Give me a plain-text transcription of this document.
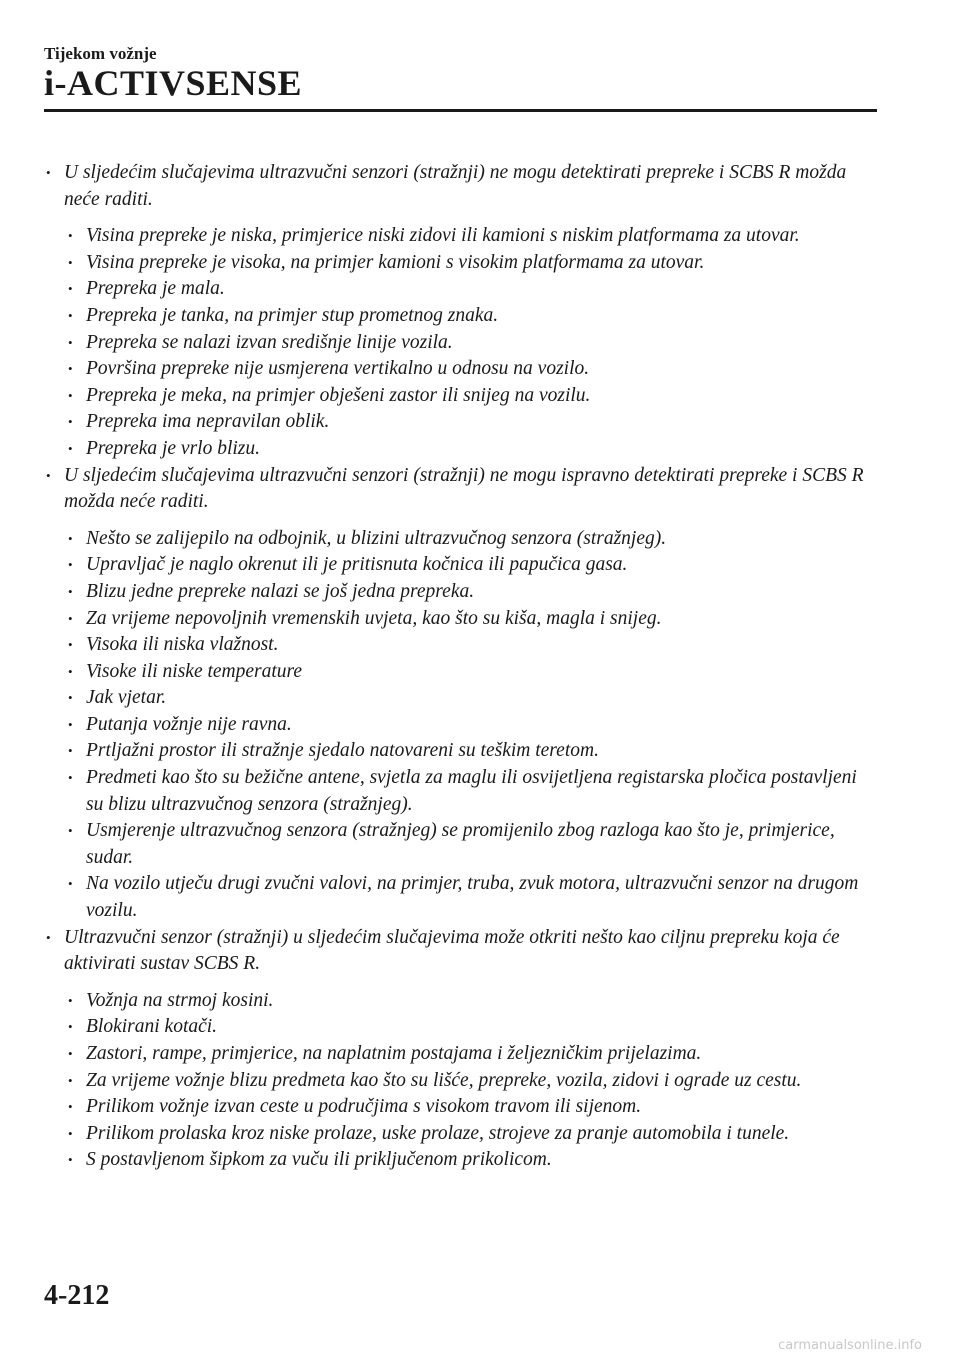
Tijekom vožnje
i-ACTIVSENSE
• U sljedećim slučajevima ultrazvučni senzori (stražnji) ne mogu detektirati prepreke i SCBS R možda neće raditi.
• Visina prepreke je niska, primjerice niski zidovi ili kamioni s niskim platformama za utovar.
• Visina prepreke je visoka, na primjer kamioni s visokim platformama za utovar.
• Prepreka je mala.
• Prepreka je tanka, na primjer stup prometnog znaka.
• Prepreka se nalazi izvan središnje linije vozila.
• Površina prepreke nije usmjerena vertikalno u odnosu na vozilo.
• Prepreka je meka, na primjer obješeni zastor ili snijeg na vozilu.
• Prepreka ima nepravilan oblik.
• Prepreka je vrlo blizu.
• U sljedećim slučajevima ultrazvučni senzori (stražnji) ne mogu ispravno detektirati prepreke i SCBS R možda neće raditi.
• Nešto se zalijepilo na odbojnik, u blizini ultrazvučnog senzora (stražnjeg).
• Upravljač je naglo okrenut ili je pritisnuta kočnica ili papučica gasa.
• Blizu jedne prepreke nalazi se još jedna prepreka.
• Za vrijeme nepovoljnih vremenskih uvjeta, kao što su kiša, magla i snijeg.
• Visoka ili niska vlažnost.
• Visoke ili niske temperature
• Jak vjetar.
• Putanja vožnje nije ravna.
• Prtljažni prostor ili stražnje sjedalo natovareni su teškim teretom.
• Predmeti kao što su bežične antene, svjetla za maglu ili osvijetljena registarska pločica postavljeni su blizu ultrazvučnog senzora (stražnjeg).
• Usmjerenje ultrazvučnog senzora (stražnjeg) se promijenilo zbog razloga kao što je, primjerice, sudar.
• Na vozilo utječu drugi zvučni valovi, na primjer, truba, zvuk motora, ultrazvučni senzor na drugom vozilu.
• Ultrazvučni senzor (stražnji) u sljedećim slučajevima može otkriti nešto kao ciljnu prepreku koja će aktivirati sustav SCBS R.
• Vožnja na strmoj kosini.
• Blokirani kotači.
• Zastori, rampe, primjerice, na naplatnim postajama i željezničkim prijelazima.
• Za vrijeme vožnje blizu predmeta kao što su lišće, prepreke, vozila, zidovi i ograde uz cestu.
• Prilikom vožnje izvan ceste u područjima s visokom travom ili sijenom.
• Prilikom prolaska kroz niske prolaze, uske prolaze, strojeve za pranje automobila i tunele.
• S postavljenom šipkom za vuču ili priključenom prikolicom.
4-212
carmanualsonline.info
